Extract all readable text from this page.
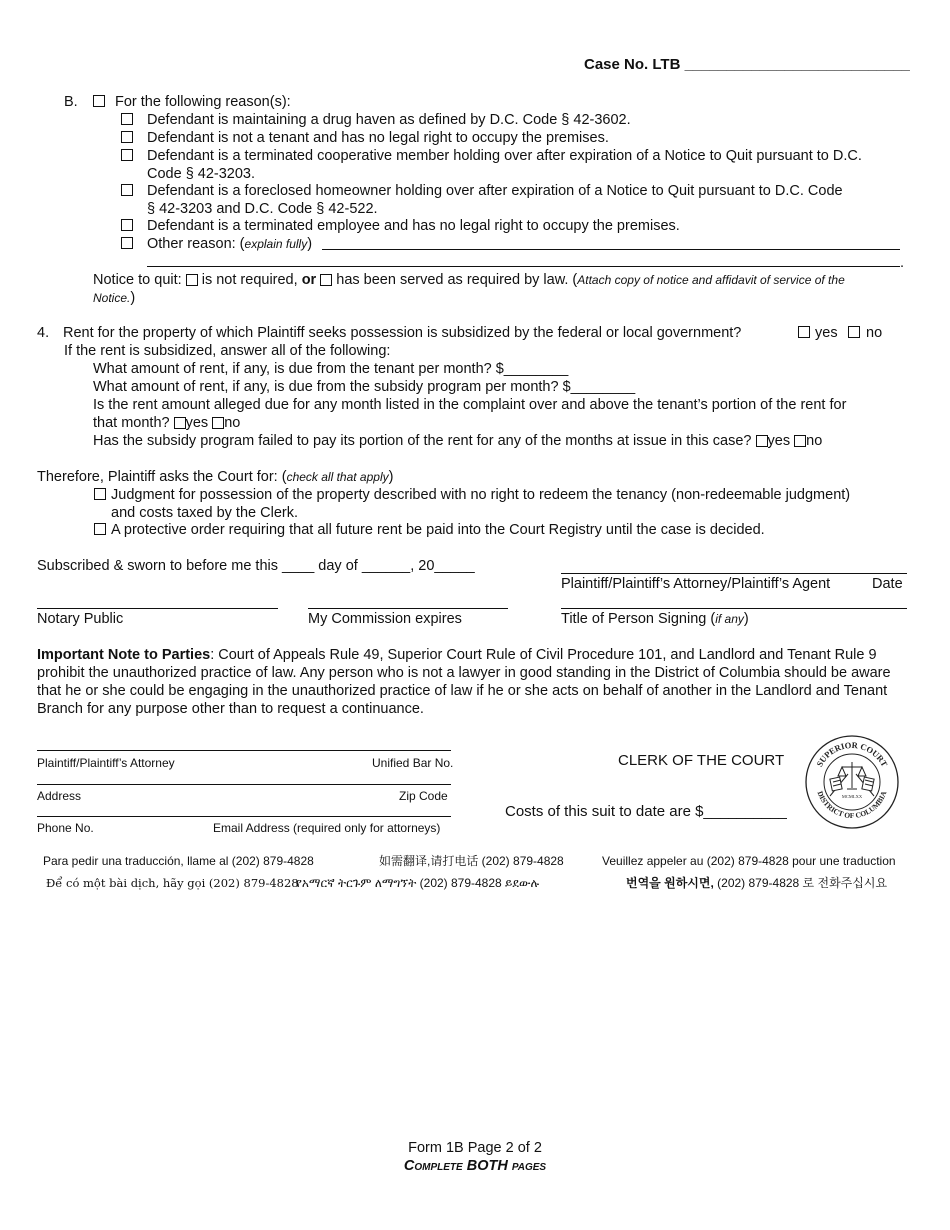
Case No. LTB ___________________________
B.	For the following reason(s):
Defendant is maintaining a drug haven as defined by D.C. Code § 42-3602.
Defendant is not a tenant and has no legal right to occupy the premises.
Defendant is a terminated cooperative member holding over after expiration of a Notice to Quit pursuant to D.C.
Code § 42-3203.
Defendant is a foreclosed homeowner holding over after expiration of a Notice to Quit pursuant to D.C. Code
§ 42-3203 and D.C. Code § 42-522.
Defendant is a terminated employee and has no legal right to occupy the premises.
Other reason: (explain fully)
.
Notice to quit: is not required, or has been served as required by law. (Attach copy of notice and affidavit of service of the
Notice.)
4. Rent for the property of which Plaintiff seeks possession is subsidized by the federal or local government?	yes no
If the rent is subsidized, answer all of the following:
What amount of rent, if any, is due from the tenant per month? $________
What amount of rent, if any, is due from the subsidy program per month? $________
Is the rent amount alleged due for any month listed in the complaint over and above the tenant’s portion of the rent for
that month? yes no
Has the subsidy program failed to pay its portion of the rent for any of the months at issue in this case? yes no
Therefore, Plaintiff asks the Court for: (check all that apply)
Judgment for possession of the property described with no right to redeem the tenancy (non-redeemable judgment)
and costs taxed by the Clerk.
A protective order requiring that all future rent be paid into the Court Registry until the case is decided.
Subscribed & sworn to before me this ____ day of ______, 20_____
Plaintiff/Plaintiff’s Attorney/Plaintiff’s Agent	Date
Notary Public	My Commission expires	Title of Person Signing (if any)
Important Note to Parties: Court of Appeals Rule 49, Superior Court Rule of Civil Procedure 101, and Landlord and Tenant Rule 9 prohibit the unauthorized practice of law. Any person who is not a lawyer in good standing in the District of Columbia should be aware that he or she could be engaging in the unauthorized practice of law if he or she acts on behalf of another in the Landlord and Tenant Branch for any purpose other than to request a continuance.
Plaintiff/Plaintiff’s Attorney	Unified Bar No.
Address	Zip Code
Phone No.	Email Address (required only for attorneys)
CLERK OF THE COURT
Costs of this suit to date are $__________
SUPERIOR COURT
DISTRICT OF COLUMBIA
MCMLXX
Para pedir una traducción, llame al (202) 879-4828	如需翻译,请打电话 (202) 879-4828	Veuillez appeler au (202) 879-4828 pour une traduction
Để có một bài dịch, hãy gọi (202) 879-4828
የአማርኛ ትርጉም ለማግኘት (202) 879-4828 ይደውሉ	번역을 원하시면, (202) 879-4828 로 전화주십시요
Form 1B Page 2 of 2
Complete BOTH pages
